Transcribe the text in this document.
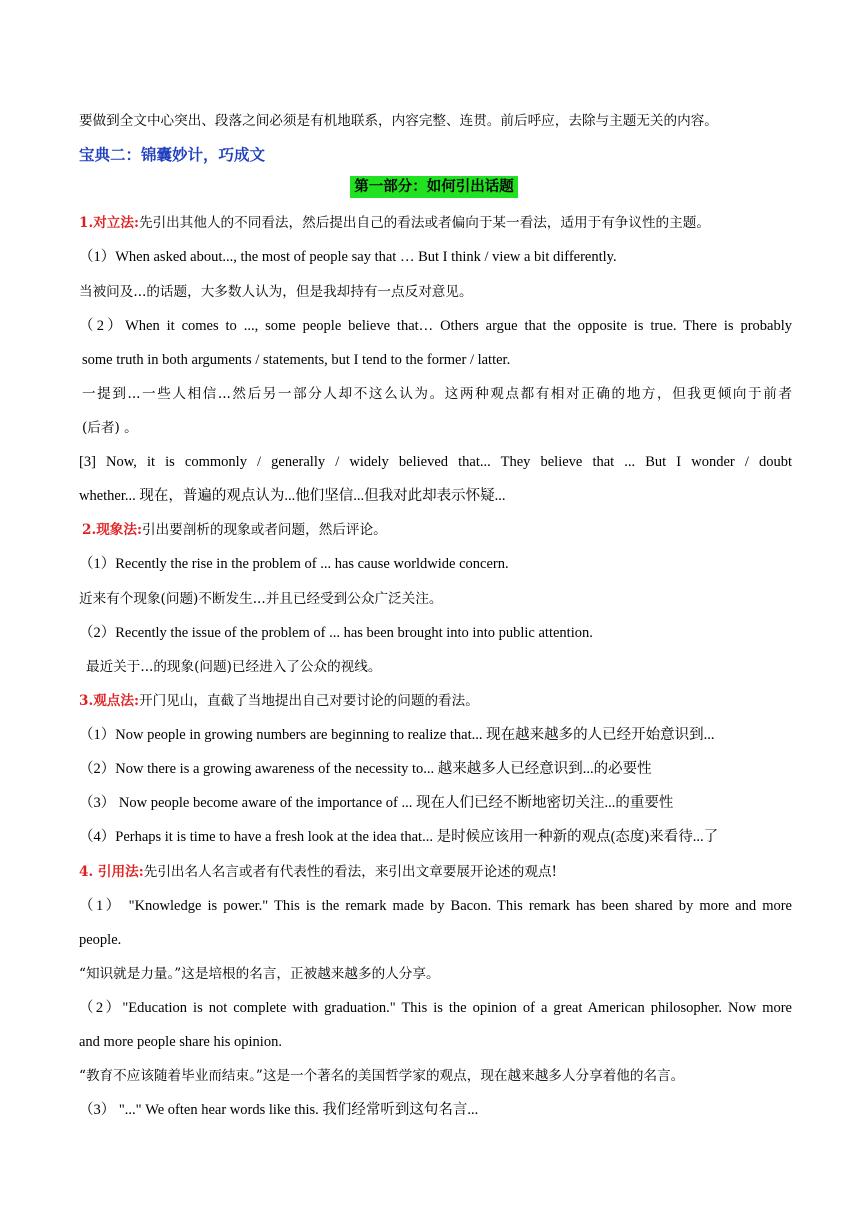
要做到全文中心突出、段落之间必须是有机地联系，内容完整、连贯。前后呼应，去除与主题无关的内容。
宝典二：锦囊妙计，巧成文
第一部分：如何引出话题
1.对立法:先引出其他人的不同看法，然后提出自己的看法或者偏向于某一看法，适用于有争议性的主题。
（1）When asked about..., the most of people say that … But I think / view a bit differently.
当被问及...的话题，大多数人认为，但是我却持有一点反对意见。
（2）When it comes to ..., some people believe that… Others argue that the opposite is true. There is probably
some truth in both arguments / statements, but I tend to the former / latter.
一提到...一些人相信...然后另一部分人却不这么认为。这两种观点都有相对正确的地方，但我更倾向于前者
(后者) 。
[3] Now, it is commonly / generally / widely believed that... They believe that ... But I wonder / doubt
whether... 现在，普遍的观点认为...他们坚信...但我对此却表示怀疑...
2.现象法:引出要剖析的现象或者问题，然后评论。
（1）Recently the rise in the problem of ... has cause worldwide concern.
近来有个现象(问题)不断发生...并且已经受到公众广泛关注。
（2）Recently the issue of the problem of ... has been brought into into public attention.
最近关于...的现象(问题)已经进入了公众的视线。
3.观点法:开门见山，直截了当地提出自己对要讨论的问题的看法。
（1）Now people in growing numbers are beginning to realize that... 现在越来越多的人已经开始意识到...
（2）Now there is a growing awareness of the necessity to... 越来越多人已经意识到...的必要性
（3） Now people become aware of the importance of ... 现在人们已经不断地密切关注...的重要性
（4）Perhaps it is time to have a fresh look at the idea that... 是时候应该用一种新的观点(态度)来看待...了
4. 引用法:先引出名人名言或者有代表性的看法，来引出文章要展开论述的观点!
（1） "Knowledge is power." This is the remark made by Bacon. This remark has been shared by more and more
people.
“知识就是力量。”这是培根的名言，正被越来越多的人分享。
（2）"Education is not complete with graduation." This is the opinion of a great American philosopher. Now more
and more people share his opinion.
“教育不应该随着毕业而结束。”这是一个著名的美国哲学家的观点，现在越来越多人分享着他的名言。
（3） "..." We often hear words like this. 我们经常听到这句名言...
